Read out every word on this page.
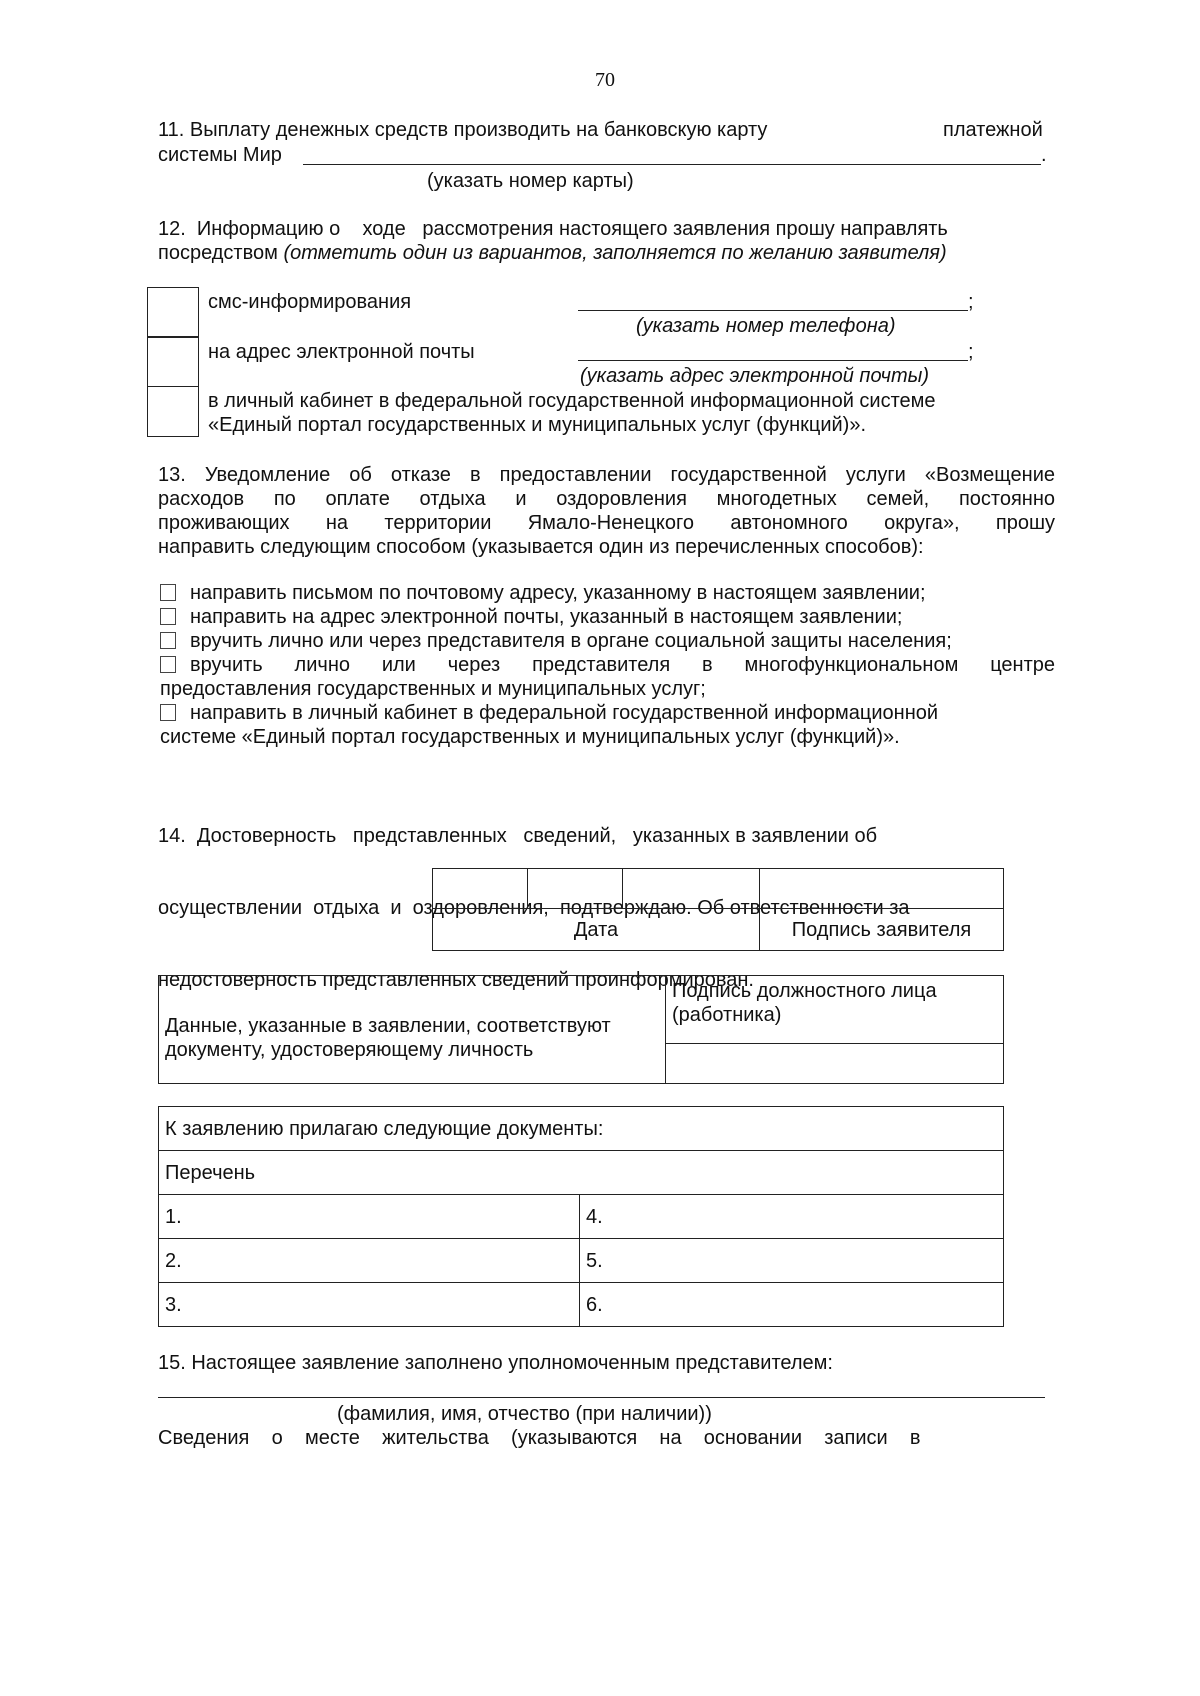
70
11. Выплату денежных средств производить на банковскую карту	платежной
системы Мир	.
(указать номер карты)
12.  Информацию о    ходе   рассмотрения настоящего заявления прошу направлять
посредством (отметить один из вариантов, заполняется по желанию заявителя)
смс-информирования	;
(указать номер телефона)
на адрес электронной почты	;
(указать адрес электронной почты)
в личный кабинет в федеральной государственной информационной системе
«Единый портал государственных и муниципальных услуг (функций)».
13. Уведомление об отказе в предоставлении государственной услуги «Возмещение
расходов по оплате отдыха и оздоровления многодетных семей, постоянно
проживающих на территории Ямало-Ненецкого автономного округа», прошу
направить следующим способом (указывается один из перечисленных способов):
направить письмом по почтовому адресу, указанному в настоящем заявлении;
направить на адрес электронной почты, указанный в настоящем заявлении;
вручить лично или через представителя в органе социальной защиты населения;
вручить лично или через представителя в многофункциональном центре
предоставления государственных и муниципальных услуг;
направить в личный кабинет в федеральной государственной информационной
системе «Единый портал государственных и муниципальных услуг (функций)».

14.  Достоверность   представленных   сведений,   указанных в заявлении об

осуществлении  отдыха  и  оздоровления,  подтверждаю. Об ответственности за

недостоверность представленных сведений проинформирован.

Дата			Подпись заявителя
Данные, указанные в заявлении, соответствуют документу, удостоверяющему личность	Подпись должностного лица (работника)

К заявлению прилагаю следующие документы:	
Перечень	
1.	4.
2.	5.
3.	6.
15. Настоящее заявление заполнено уполномоченным представителем:
(фамилия, имя, отчество (при наличии))
Сведения    о    месте    жительства    (указываются    на    основании    записи    в
